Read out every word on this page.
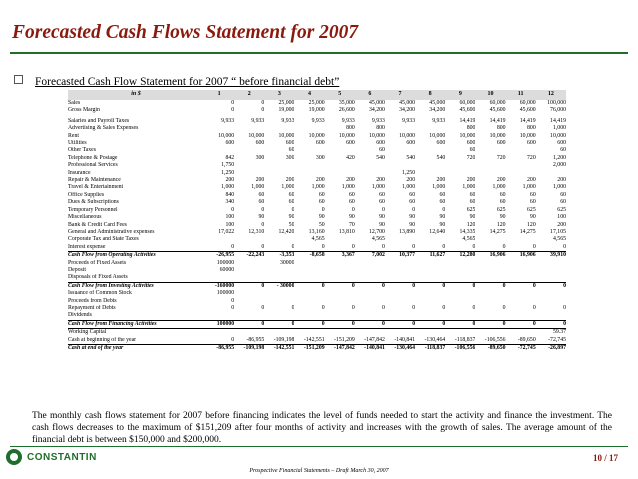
Forecasted Cash Flows Statement for 2007
Forecasted Cash Flow Statement for 2007 “ before financial debt”
in $	1	2	3	4	5	6	7	8	9	10	11	12
Sales	0	0	25,000	25,000	35,000	45,000	45,000	45,000	60,000	60,000	60,000	100,000
Gross Margin	0	0	19,000	19,000	26,600	34,200	34,200	34,200	45,600	45,600	45,600	76,000

Salaries and Payroll Taxes	9,933	9,933	9,933	9,933	9,933	9,933	9,933	9,933	14,419	14,419	14,419	14,419
Advertising & Sales Expenses					800	800			800	800	800	1,000
Rent	10,000	10,000	10,000	10,000	10,000	10,000	10,000	10,000	10,000	10,000	10,000	10,000
Utilities	600	600	600	600	600	600	600	600	600	600	600	600
Other Taxes			60			60			60			60
Telephone & Postage	842	300	300	300	420	540	540	540	720	720	720	1,200
Professional Services	1,750											2,000
Insurance	1,250						1,250					
Repair & Maintenance	200	200	200	200	200	200	200	200	200	200	200	200
Travel & Entertainment	1,000	1,000	1,000	1,000	1,000	1,000	1,000	1,000	1,000	1,000	1,000	1,000
Office Supplies	840	60	60	60	60	60	60	60	60	60	60	60
Dues & Subscriptions	340	60	60	60	60	60	60	60	60	60	60	60
Temporary Personnel	0	0	0	0	0	0	0	0	625	625	625	625
Miscellaneous	100	90	90	90	90	90	90	90	90	90	90	100
Bank & Credit Card Fees	100	0	50	50	70	90	90	90	120	120	120	200
General and Administrative expenses	17,022	12,310	12,420	13,160	13,810	12,700	13,890	12,640	14,335	14,275	14,275	17,105
Corporate Tax and State Taxes				4,565		4,565			4,565			4,565
Interest expense	0	0	0	0	0	0	0	0	0	0	0	0
Cash Flow from Operating Activities	-26,955	-22,243	-3,353	-8,658	3,367	7,002	10,377	11,627	12,280	16,906	16,906	39,910
Proceeds of Fixed Assets	100000		30000									
Deposit	60000											
Disposals of Fixed Assets												
Cash Flow from Investing Activities	-160000	0	- 30000	0	0	0	0	0	0	0	0	0
Issuance of Common Stock	100000											
Proceeds from Debts	0											
Repayment of Debts	0	0	0	0	0	0	0	0	0	0	0	0
Dividends												
Cash Flow from Financing Activities	100000	0	0	0	0	0	0	0	0	0	0	0
Working Capital												59.37
Cash at beginning of the year	0	-86,955	-109,198	-142,551	-151,209	-147,842	-140,841	-130,464	-118,837	-106,556	-89,650	-72,745
Cash at end of the year	-86,955	-109,198	-142,551	-151,209	-147,842	-140,841	-130,464	-118,837	-106,556	-89,650	-72,745	-26,897
The monthly cash flows statement for 2007 before financing indicates the level of funds needed to start the activity and finance the investment. The cash flows decreases to the maximum of $151,209 after four months of activity and increases with the growth of sales. The average amount of the financial debt is between $150,000 and $200,000.
CONSTANTIN	10 / 17
Prospective Financial Statements – Draft March 30, 2007
